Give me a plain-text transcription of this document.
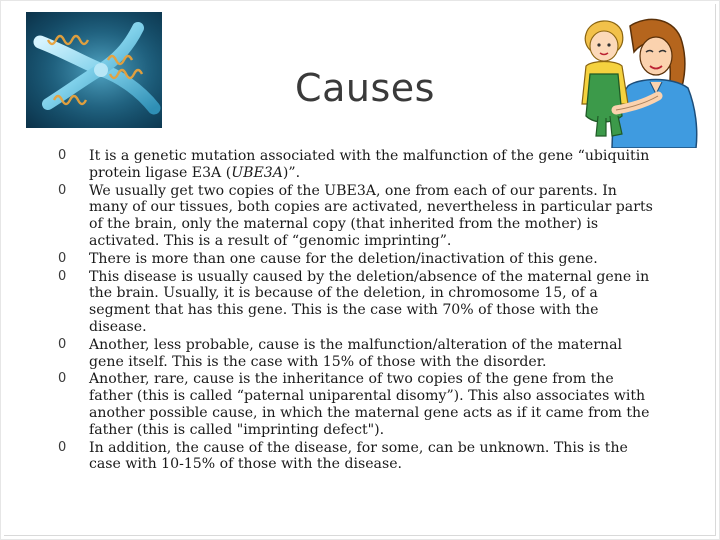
Causes
0 It is a genetic mutation associated with the malfunction of the gene “ubiquitin protein ligase E3A (UBE3A)”.
0 We usually get two copies of the UBE3A, one from each of our parents. In many of our tissues, both copies are activated, nevertheless in particular parts of the brain, only the maternal copy (that inherited from the mother) is activated. This is a result of “genomic imprinting”.
0 There is more than one cause for the deletion/inactivation of this gene.
0 This disease is usually caused by the deletion/absence of the maternal gene in the brain. Usually, it is because of the deletion, in chromosome 15, of a segment that has this gene. This is the case with 70% of those with the disease.
0 Another, less probable, cause is the malfunction/alteration of the maternal gene itself. This is the case with 15% of those with the disorder.
0 Another, rare, cause is the inheritance of two copies of the gene from the father (this is called “paternal uniparental disomy”). This also associates with another possible cause, in which the maternal gene acts as if it came from the father (this is called "imprinting defect").
0 In addition, the cause of the disease, for some, can be unknown. This is the case with 10-15% of those with the disease.
